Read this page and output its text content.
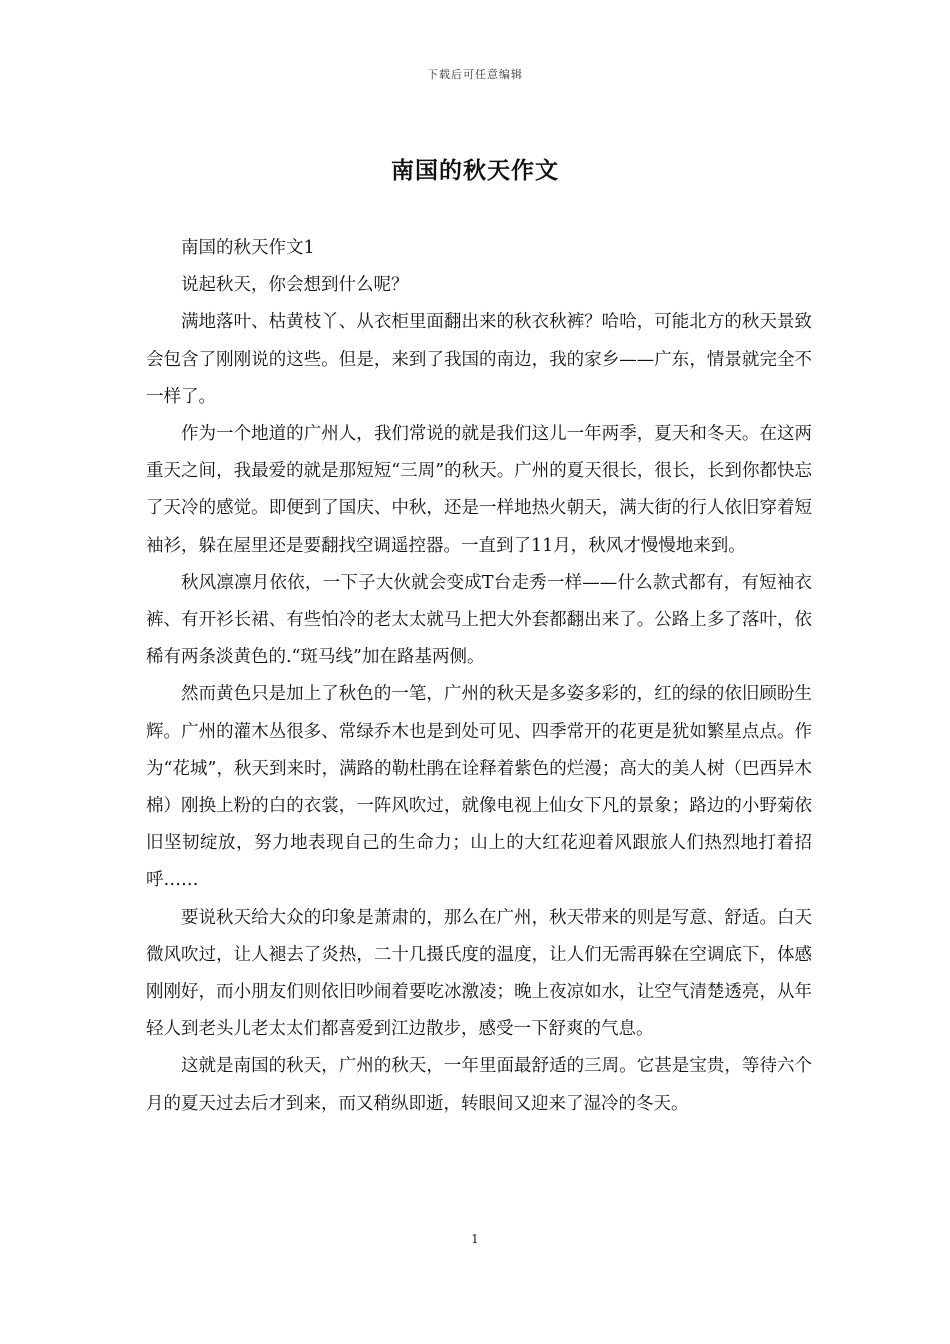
下载后可任意编辑
南国的秋天作文

南国的秋天作文1

说起秋天，你会想到什么呢？

满地落叶、枯黄枝丫、从衣柜里面翻出来的秋衣秋裤？哈哈，可能北方的秋天景致会包含了刚刚说的这些。但是，来到了我国的南边，我的家乡——广东，情景就完全不一样了。

作为一个地道的广州人，我们常说的就是我们这儿一年两季，夏天和冬天。在这两重天之间，我最爱的就是那短短“三周”的秋天。广州的夏天很长，很长，长到你都快忘了天冷的感觉。即便到了国庆、中秋，还是一样地热火朝天，满大街的行人依旧穿着短袖衫，躲在屋里还是要翻找空调遥控器。一直到了11月，秋风才慢慢地来到。

秋风凛凛月依依，一下子大伙就会变成T台走秀一样——什么款式都有，有短袖衣裤、有开衫长裙、有些怕冷的老太太就马上把大外套都翻出来了。公路上多了落叶，依稀有两条淡黄色的.“斑马线”加在路基两侧。

然而黄色只是加上了秋色的一笔，广州的秋天是多姿多彩的，红的绿的依旧顾盼生辉。广州的灌木丛很多、常绿乔木也是到处可见、四季常开的花更是犹如繁星点点。作为“花城”，秋天到来时，满路的勒杜鹃在诠释着紫色的烂漫；高大的美人树（巴西异木棉）刚换上粉的白的衣裳，一阵风吹过，就像电视上仙女下凡的景象；路边的小野菊依旧坚韧绽放，努力地表现自己的生命力；山上的大红花迎着风跟旅人们热烈地打着招呼……

要说秋天给大众的印象是萧肃的，那么在广州，秋天带来的则是写意、舒适。白天微风吹过，让人褪去了炎热，二十几摄氏度的温度，让人们无需再躲在空调底下，体感刚刚好，而小朋友们则依旧吵闹着要吃冰激凌；晚上夜凉如水，让空气清楚透亮，从年轻人到老头儿老太太们都喜爱到江边散步，感受一下舒爽的气息。

这就是南国的秋天，广州的秋天，一年里面最舒适的三周。它甚是宝贵，等待六个月的夏天过去后才到来，而又稍纵即逝，转眼间又迎来了湿冷的冬天。

1
